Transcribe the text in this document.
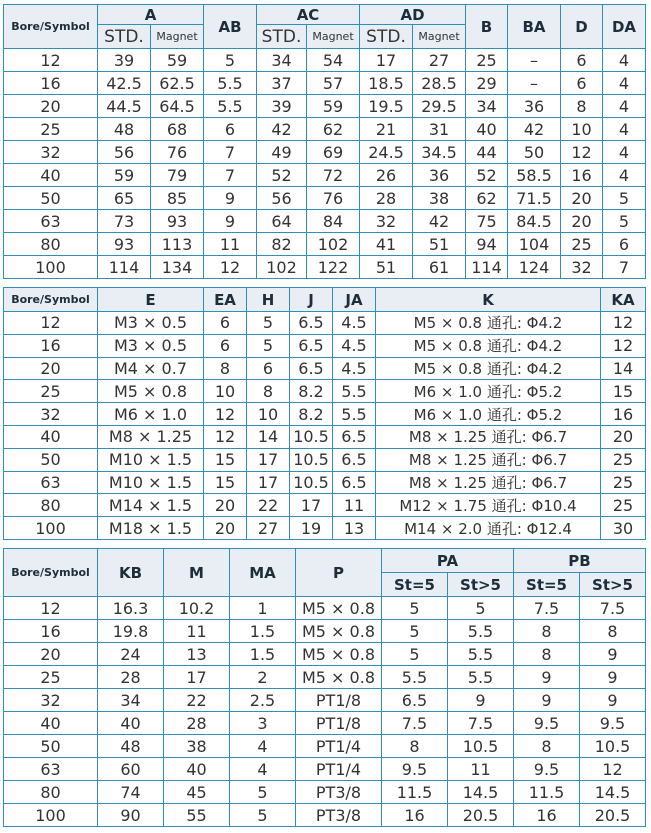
Bore/Symbol	A		AB	AC		AD		B	BA	D	DA
	STD.	Magnet		STD.	Magnet	STD.	Magnet				
12	39	59	5	34	54	17	27	25	–	6	4
16	42.5	62.5	5.5	37	57	18.5	28.5	29	–	6	4
20	44.5	64.5	5.5	39	59	19.5	29.5	34	36	8	4
25	48	68	6	42	62	21	31	40	42	10	4
32	56	76	7	49	69	24.5	34.5	44	50	12	4
40	59	79	7	52	72	26	36	52	58.5	16	4
50	65	85	9	56	76	28	38	62	71.5	20	5
63	73	93	9	64	84	32	42	75	84.5	20	5
80	93	113	11	82	102	41	51	94	104	25	6
100	114	134	12	102	122	51	61	114	124	32	7
Bore/Symbol	E	EA	H	J	JA	K	KA
12	M3 × 0.5	6	5	6.5	4.5	M5 × 0.8 通孔: Φ4.2	12
16	M3 × 0.5	6	5	6.5	4.5	M5 × 0.8 通孔: Φ4.2	12
20	M4 × 0.7	8	6	6.5	4.5	M5 × 0.8 通孔: Φ4.2	14
25	M5 × 0.8	10	8	8.2	5.5	M6 × 1.0 通孔: Φ5.2	15
32	M6 × 1.0	12	10	8.2	5.5	M6 × 1.0 通孔: Φ5.2	16
40	M8 × 1.25	12	14	10.5	6.5	M8 × 1.25 通孔: Φ6.7	20
50	M10 × 1.5	15	17	10.5	6.5	M8 × 1.25 通孔: Φ6.7	25
63	M10 × 1.5	15	17	10.5	6.5	M8 × 1.25 通孔: Φ6.7	25
80	M14 × 1.5	20	22	17	11	M12 × 1.75 通孔: Φ10.4	25
100	M18 × 1.5	20	27	19	13	M14 × 2.0 通孔: Φ12.4	30
Bore/Symbol	KB	M	MA	P	PA		PB	
					St=5	St>5	St=5	St>5
12	16.3	10.2	1	M5 × 0.8	5	5	7.5	7.5
16	19.8	11	1.5	M5 × 0.8	5	5.5	8	8
20	24	13	1.5	M5 × 0.8	5	5.5	8	9
25	28	17	2	M5 × 0.8	5.5	5.5	9	9
32	34	22	2.5	PT1/8	6.5	9	9	9
40	40	28	3	PT1/8	7.5	7.5	9.5	9.5
50	48	38	4	PT1/4	8	10.5	8	10.5
63	60	40	4	PT1/4	9.5	11	9.5	12
80	74	45	5	PT3/8	11.5	14.5	11.5	14.5
100	90	55	5	PT3/8	16	20.5	16	20.5
